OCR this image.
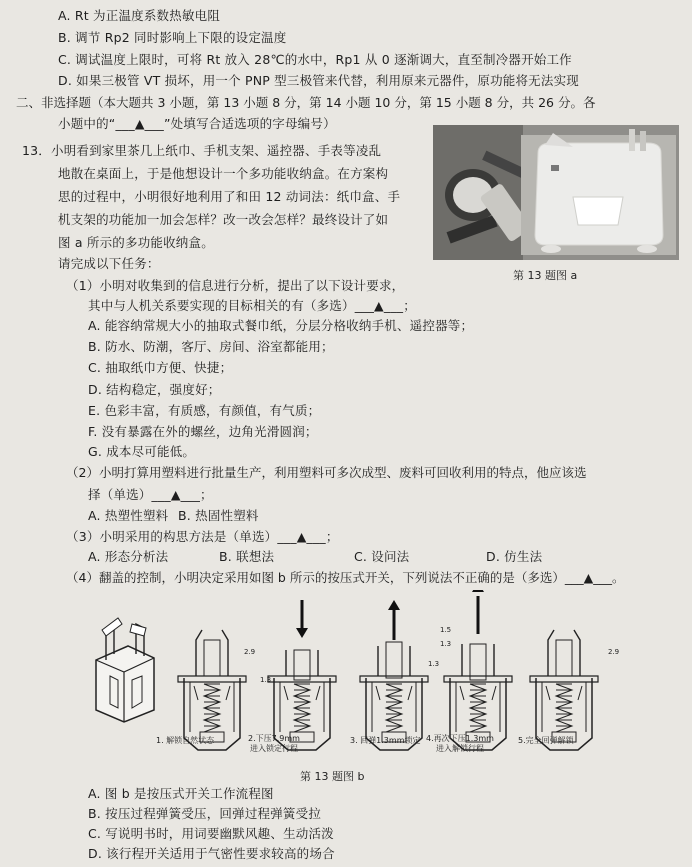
A. Rt 为正温度系数热敏电阻
B. 调节 Rp2 同时影响上下限的设定温度
C. 调试温度上限时，可将 Rt 放入 28℃的水中，Rp1 从 0 逐渐调大，直至制冷器开始工作
D. 如果三极管 VT 损坏，用一个 PNP 型三极管来代替，利用原来元器件，原功能将无法实现
二、非选择题（本大题共 3 小题，第 13 小题 8 分，第 14 小题 10 分，第 15 小题 8 分，共 26 分。各
小题中的“___▲___”处填写合适选项的字母编号）
13．小明看到家里茶几上纸巾、手机支架、遥控器、手表等凌乱
地散在桌面上，于是他想设计一个多功能收纳盒。在方案构
思的过程中，小明很好地利用了和田 12 动词法：纸巾盒、手
机支架的功能加一加会怎样？改一改会怎样？最终设计了如
图 a 所示的多功能收纳盒。
请完成以下任务：
第 13 题图 a
（1）小明对收集到的信息进行分析，提出了以下设计要求，
其中与人机关系要实现的目标相关的有（多选）___▲___；
A. 能容纳常规大小的抽取式餐巾纸，分层分格收纳手机、遥控器等；
B. 防水、防潮，客厅、房间、浴室都能用；
C. 抽取纸巾方便、快捷；
D. 结构稳定，强度好；
E. 色彩丰富，有质感，有颜值，有气质；
F. 没有暴露在外的螺丝，边角光滑圆润；
G. 成本尽可能低。
（2）小明打算用塑料进行批量生产，利用塑料可多次成型、废料可回收利用的特点，他应该选
择（单选）___▲___；
A. 热塑性塑料 B. 热固性塑料
（3）小明采用的构思方法是（单选）___▲___；
A. 形态分析法	B. 联想法	C. 设问法	D. 仿生法
（4）翻盖的控制，小明决定采用如图 b 所示的按压式开关，下列说法不正确的是（多选）___▲___。
2.9
1.3
1.5
1.3
1.3
2.9
1. 解锁自然状态	2.下压7.9mm
进入锁定行程
3. 回弹1.3mm锁定 4.再次下压1.3mm
进入解锁行程
5.完全回弹解锁
第 13 题图 b
A. 图 b 是按压式开关工作流程图
B. 按压过程弹簧受压，回弹过程弹簧受拉
C. 写说明书时，用词要幽默风趣、生动活泼
D. 该行程开关适用于气密性要求较高的场合
